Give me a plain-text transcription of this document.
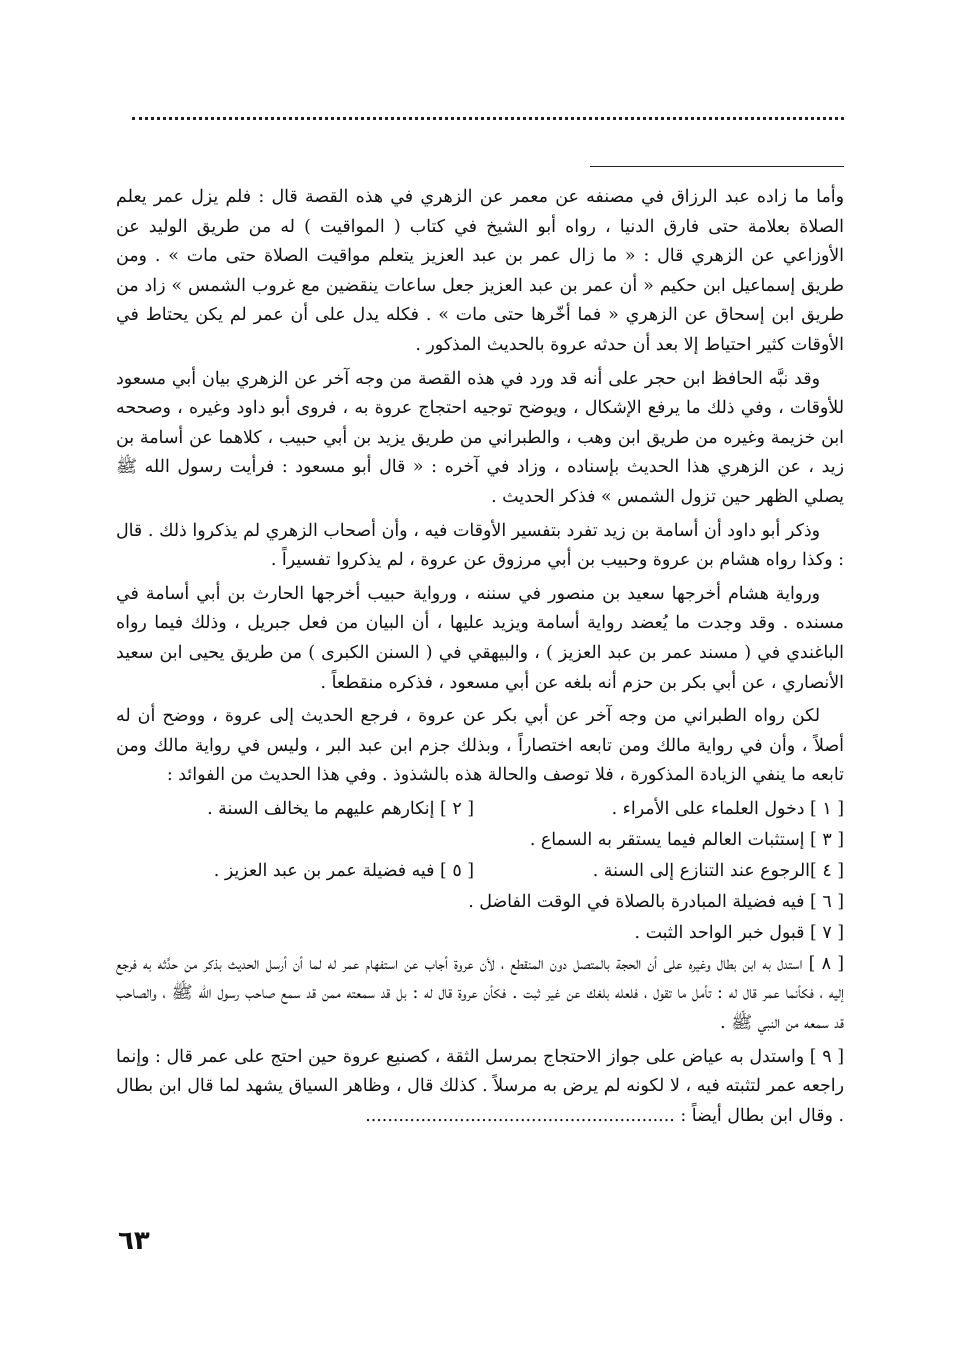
وأما ما زاده عبد الرزاق في مصنفه عن معمر عن الزهري في هذه القصة قال : فلم يزل عمر يعلم الصلاة بعلامة حتى فارق الدنيا ، رواه أبو الشيخ في كتاب ( المواقيت ) له من طريق الوليد عن الأوزاعي عن الزهري قال : « ما زال عمر بن عبد العزيز يتعلم مواقيت الصلاة حتى مات » . ومن طريق إسماعيل ابن حكيم « أن عمر بن عبد العزيز جعل ساعات ينقضين مع غروب الشمس » زاد من طريق ابن إسحاق عن الزهري « فما أخّرها حتى مات » . فكله يدل على أن عمر لم يكن يحتاط في الأوقات كثير احتياط إلا بعد أن حدثه عروة بالحديث المذكور .

وقد نبَّه الحافظ ابن حجر على أنه قد ورد في هذه القصة من وجه آخر عن الزهري بيان أبي مسعود للأوقات ، وفي ذلك ما يرفع الإشكال ، ويوضح توجيه احتجاج عروة به ، فروى أبو داود وغيره ، وصححه ابن خزيمة وغيره من طريق ابن وهب ، والطبراني من طريق يزيد بن أبي حبيب ، كلاهما عن أسامة بن زيد ، عن الزهري هذا الحديث بإسناده ، وزاد في آخره : « قال أبو مسعود : فرأيت رسول الله ﷺ يصلي الظهر حين تزول الشمس » فذكر الحديث .

وذكر أبو داود أن أسامة بن زيد تفرد بتفسير الأوقات فيه ، وأن أصحاب الزهري لم يذكروا ذلك . قال : وكذا رواه هشام بن عروة وحبيب بن أبي مرزوق عن عروة ، لم يذكروا تفسيراً .

ورواية هشام أخرجها سعيد بن منصور في سننه ، ورواية حبيب أخرجها الحارث بن أبي أسامة في مسنده . وقد وجدت ما يُعضد رواية أسامة ويزيد عليها ، أن البيان من فعل جبريل ، وذلك فيما رواه الباغندي في ( مسند عمر بن عبد العزيز ) ، والبيهقي في ( السنن الكبرى ) من طريق يحيى ابن سعيد الأنصاري ، عن أبي بكر بن حزم أنه بلغه عن أبي مسعود ، فذكره منقطعاً .

لكن رواه الطبراني من وجه آخر عن أبي بكر عن عروة ، فرجع الحديث إلى عروة ، ووضح أن له أصلاً ، وأن في رواية مالك ومن تابعه اختصاراً ، وبذلك جزم ابن عبد البر ، وليس في رواية مالك ومن تابعه ما ينفي الزيادة المذكورة ، فلا توصف والحالة هذه بالشذوذ . وفي هذا الحديث من الفوائد :

[ ١ ] دخول العلماء على الأمراء .
[ ٢ ] إنكارهم عليهم ما يخالف السنة .

[ ٣ ] إستثبات العالم فيما يستقر به السماع .

[ ٤ ]الرجوع عند التنازع إلى السنة .
[ ٥ ] فيه فضيلة عمر بن عبد العزيز .

[ ٦ ] فيه فضيلة المبادرة بالصلاة في الوقت الفاضل .

[ ٧ ] قبول خبر الواحد الثبت .

[ ٨ ] استدل به ابن بطال وغيره على أن الحجة بالمتصل دون المنقطع ، لأن عروة أجاب عن استفهام عمر له لما أن أرسل الحديث بذكر من حدَّثه به فرجع إليه ، فكأنما عمر قال له : تأمل ما تقول ، فلعله بلغك عن غير ثبت . فكأن عروة قال له : بل قد سمعته ممن قد سمع صاحب رسول الله ﷺ ، والصاحب قد سمعه من النبي ﷺ .

[ ٩ ] واستدل به عياض على جواز الاحتجاج بمرسل الثقة ، كصنيع عروة حين احتج على عمر قال : وإنما راجعه عمر لتثبته فيه ، لا لكونه لم يرض به مرسلاً . كذلك قال ، وظاهر السياق يشهد لما قال ابن بطال . وقال ابن بطال أيضاً : ........................................................

٦٣
